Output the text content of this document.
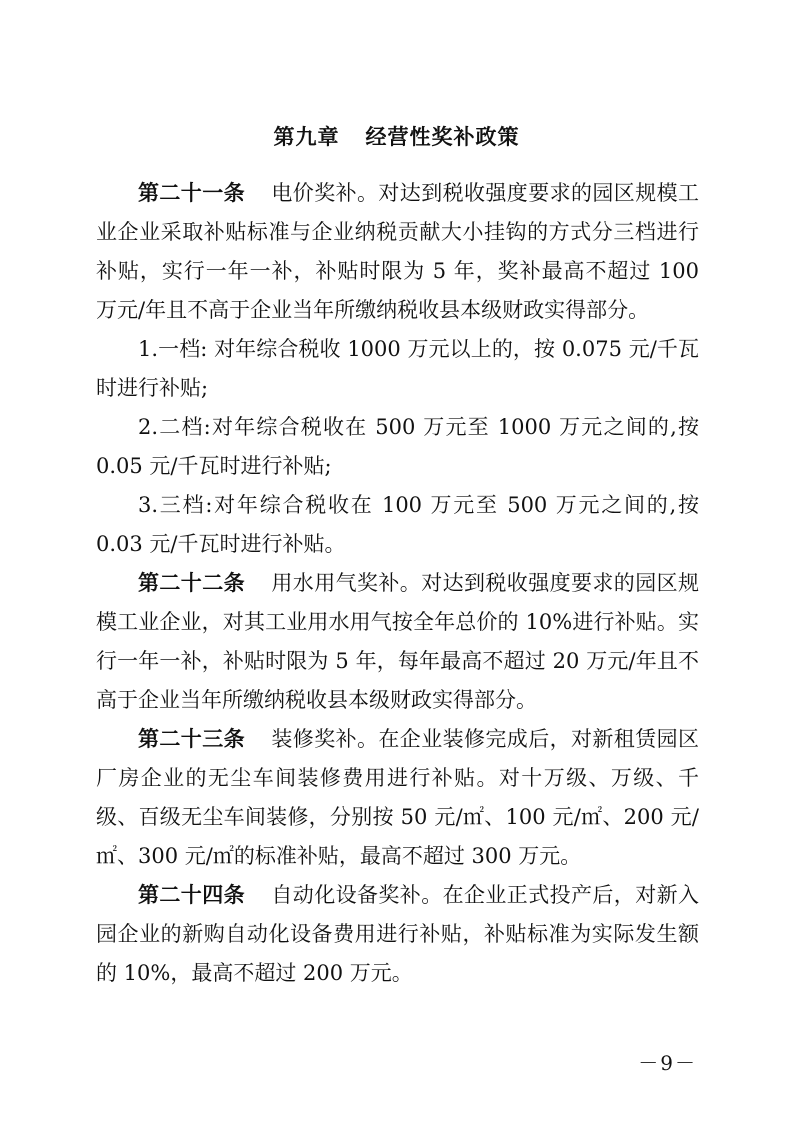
第九章 经营性奖补政策

第二十一条 电价奖补。对达到税收强度要求的园区规模工业企业采取补贴标准与企业纳税贡献大小挂钩的方式分三档进行补贴，实行一年一补，补贴时限为 5 年，奖补最高不超过 100 万元/年且不高于企业当年所缴纳税收县本级财政实得部分。

1.一档: 对年综合税收 1000 万元以上的，按 0.075 元/千瓦时进行补贴;

2.二档:对年综合税收在 500 万元至 1000 万元之间的,按 0.05 元/千瓦时进行补贴;

3.三档:对年综合税收在 100 万元至 500 万元之间的,按 0.03 元/千瓦时进行补贴。

第二十二条 用水用气奖补。对达到税收强度要求的园区规模工业企业，对其工业用水用气按全年总价的 10%进行补贴。实行一年一补，补贴时限为 5 年，每年最高不超过 20 万元/年且不高于企业当年所缴纳税收县本级财政实得部分。

第二十三条 装修奖补。在企业装修完成后，对新租赁园区厂房企业的无尘车间装修费用进行补贴。对十万级、万级、千级、百级无尘车间装修，分别按 50 元/㎡、100 元/㎡、200 元/㎡、300 元/㎡的标准补贴，最高不超过 300 万元。

第二十四条 自动化设备奖补。在企业正式投产后，对新入园企业的新购自动化设备费用进行补贴，补贴标准为实际发生额的 10%，最高不超过 200 万元。

－9－
